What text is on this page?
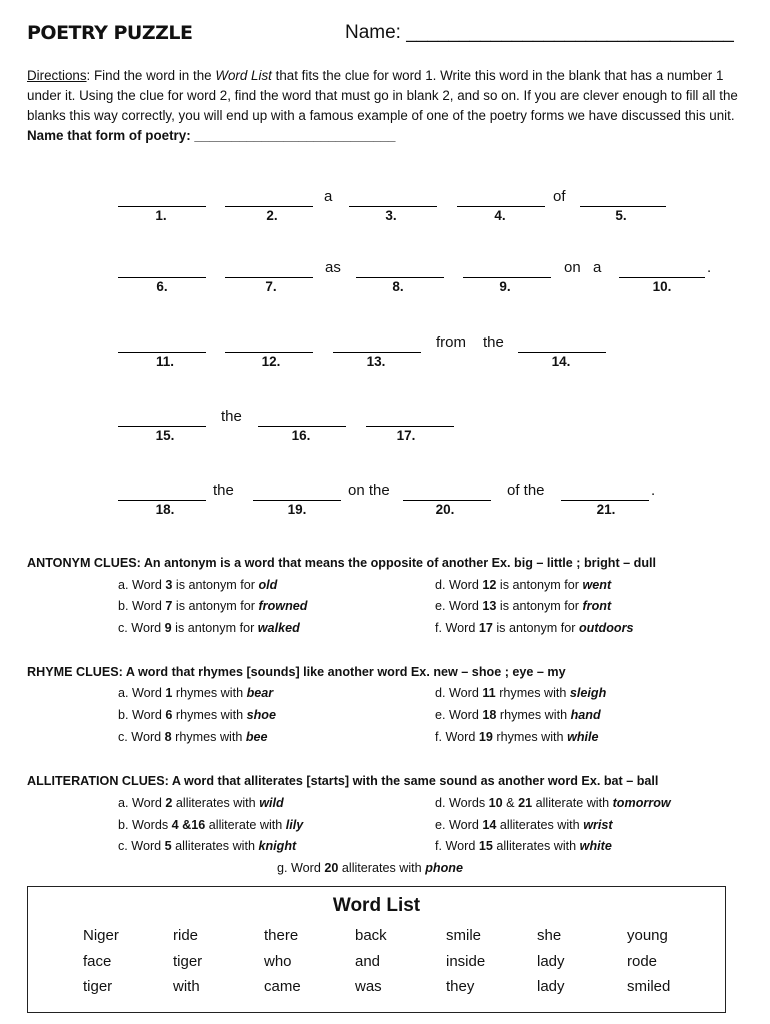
POETRY PUZZLE	Name: _______________________________
Directions: Find the word in the Word List that fits the clue for word 1. Write this word in the blank that has a number 1 under it. Using the clue for word 2, find the word that must go in blank 2, and so on. If you are clever enough to fill all the blanks this way correctly, you will end up with a famous example of one of the poetry forms we have discussed this unit. Name that form of poetry: ___________________________
a	of
1.	2.	3.	4.	5.
as	on a	.
6.	7.	8.	9.	10.
from the
11.	12.	13.	14.
the
15.	16.	17.
the	on the	of the	.
18.	19.	20.	21.
ANTONYM CLUES: An antonym is a word that means the opposite of another Ex. big – little ; bright – dull
a. Word 3 is antonym for old
b. Word 7 is antonym for frowned
c. Word 9 is antonym for walked
d. Word 12 is antonym for went
e. Word 13 is antonym for front
f. Word 17 is antonym for outdoors
RHYME CLUES: A word that rhymes [sounds] like another word Ex. new – shoe ; eye – my
a. Word 1 rhymes with bear
b. Word 6 rhymes with shoe
c. Word 8 rhymes with bee
d. Word 11 rhymes with sleigh
e. Word 18 rhymes with hand
f. Word 19 rhymes with while
ALLITERATION CLUES: A word that alliterates [starts] with the same sound as another word Ex. bat – ball
a. Word 2 alliterates with wild
b. Words 4 &16 alliterate with lily
c. Word 5 alliterates with knight
d. Words 10 & 21 alliterate with tomorrow
e. Word 14 alliterates with wrist
f. Word 15 alliterates with white
g. Word 20 alliterates with phone
Word List
Niger	ride	there	back	smile	she	young
face	tiger	who	and	inside	lady	rode
tiger	with	came	was	they	lady	smiled
